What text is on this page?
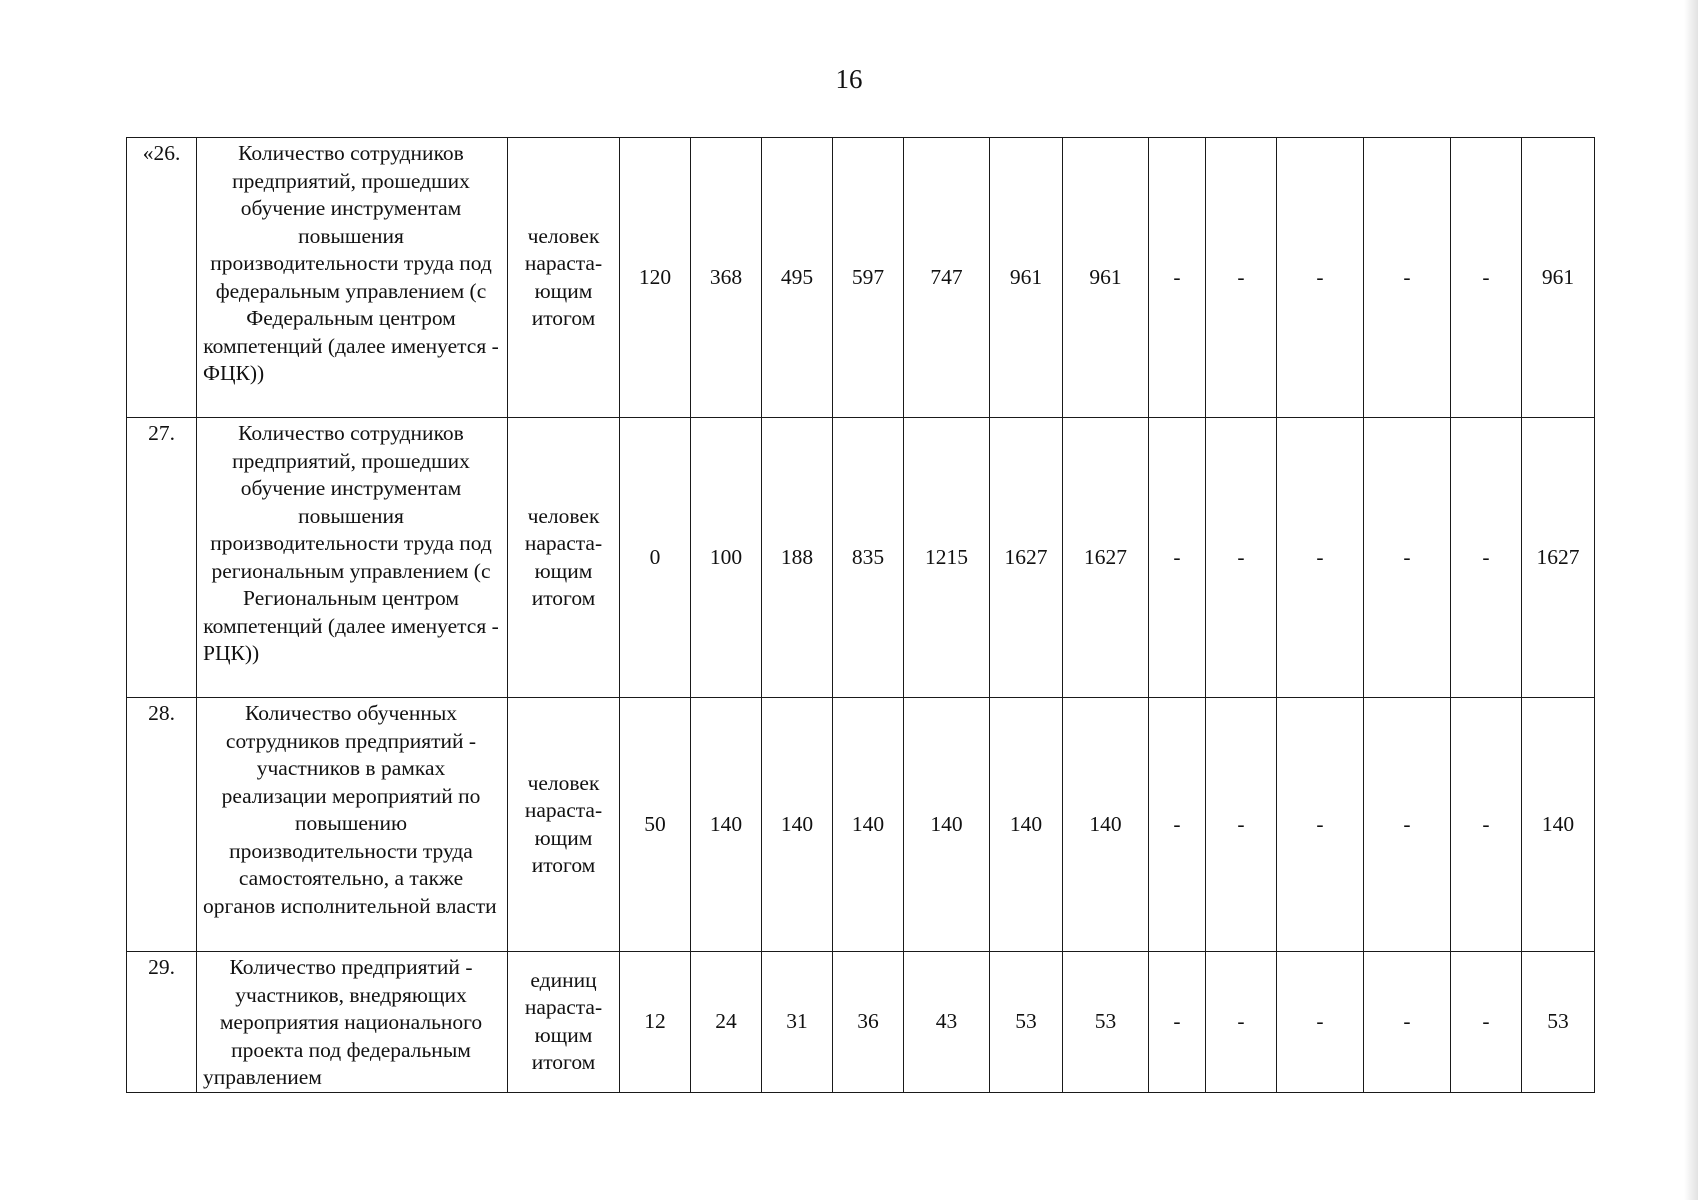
16
«26.	Количество сотрудников предприятий, прошедших обучение инструментам повышения производительности труда под федеральным управлением (с Федеральным центром компетенций (далее именуется - ФЦК))	человек нараста-ющим итогом	120	368	495	597	747	961	961	-	-	-	-	-	961
27.	Количество сотрудников предприятий, прошедших обучение инструментам повышения производительности труда под региональным управлением (с Региональным центром компетенций (далее именуется - РЦК))	человек нараста-ющим итогом	0	100	188	835	1215	1627	1627	-	-	-	-	-	1627
28.	Количество обученных сотрудников предприятий - участников в рамках реализации мероприятий по повышению производительности труда самостоятельно, а также органов исполнительной власти	человек нараста-ющим итогом	50	140	140	140	140	140	140	-	-	-	-	-	140
29.	Количество предприятий - участников, внедряющих мероприятия национального проекта под федеральным управлением	единиц нараста-ющим итогом	12	24	31	36	43	53	53	-	-	-	-	-	53
